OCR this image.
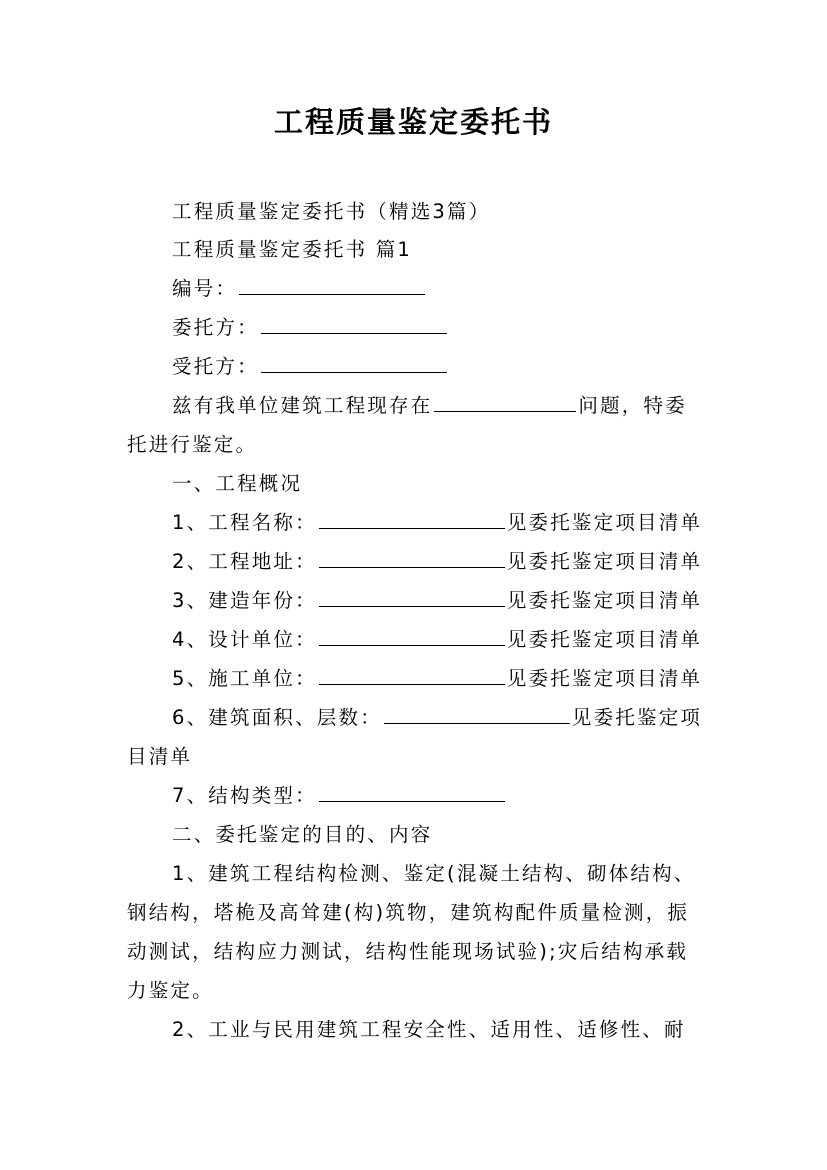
工程质量鉴定委托书
工程质量鉴定委托书（精选3篇）
工程质量鉴定委托书 篇1
编号：
委托方：
受托方：
兹有我单位建筑工程现存在	问题，特委
托进行鉴定。
一、工程概况
1、工程名称：	见委托鉴定项目清单
2、工程地址：	见委托鉴定项目清单
3、建造年份：	见委托鉴定项目清单
4、设计单位：	见委托鉴定项目清单
5、施工单位：	见委托鉴定项目清单
6、建筑面积、层数：	见委托鉴定项
目清单
7、结构类型：
二、委托鉴定的目的、内容
1、建筑工程结构检测、鉴定(混凝土结构、砌体结构、
钢结构，塔桅及高耸建(构)筑物，建筑构配件质量检测，振
动测试，结构应力测试，结构性能现场试验);灾后结构承载
力鉴定。
2、工业与民用建筑工程安全性、适用性、适修性、耐
